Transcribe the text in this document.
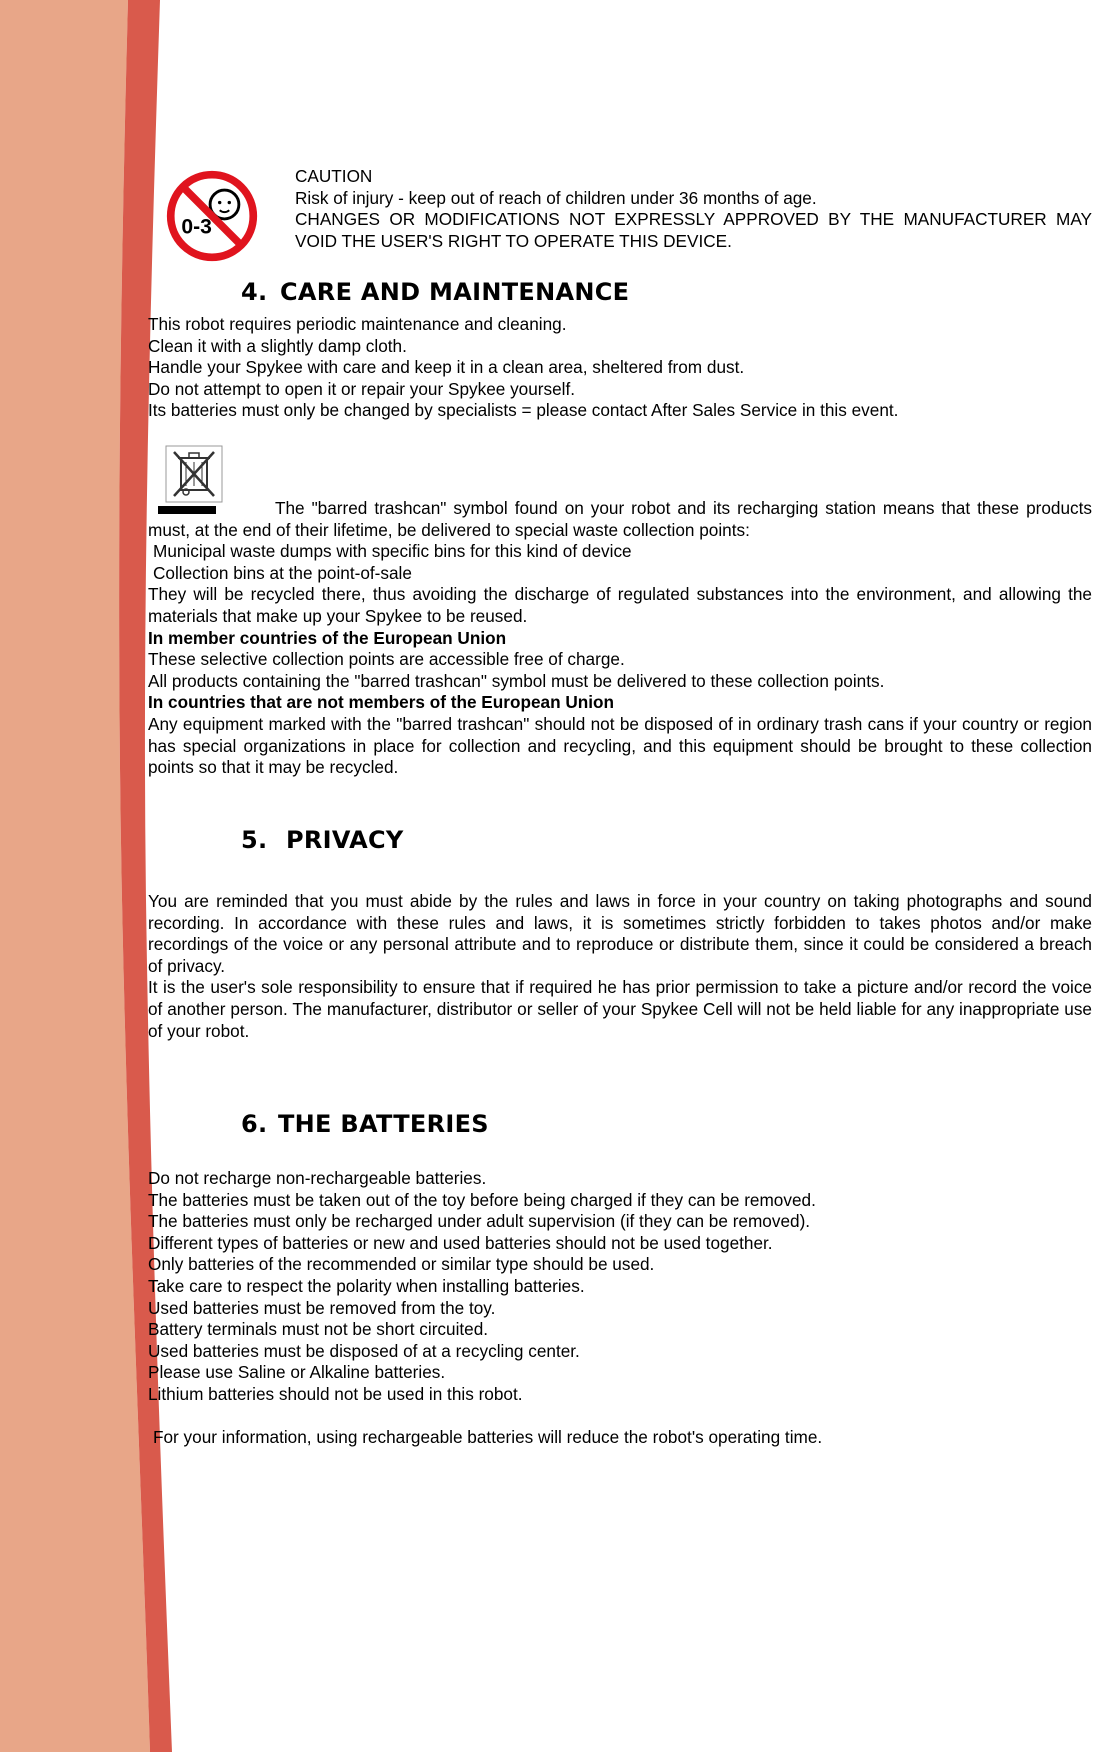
0-3
CAUTION
Risk of injury - keep out of reach of children under 36 months of age.
CHANGES OR MODIFICATIONS NOT EXPRESSLY APPROVED BY THE MANUFACTURER MAY VOID THE USER'S RIGHT TO OPERATE THIS DEVICE.
4. CARE AND MAINTENANCE
This robot requires periodic maintenance and cleaning.
Clean it with a slightly damp cloth.
Handle your Spykee with care and keep it in a clean area, sheltered from dust.
Do not attempt to open it or repair your Spykee yourself.
Its batteries must only be changed by specialists = please contact After Sales Service in this event.
The "barred trashcan" symbol found on your robot and its recharging station means that these products must, at the end of their lifetime, be delivered to special waste collection points:
Municipal waste dumps with specific bins for this kind of device
Collection bins at the point-of-sale
They will be recycled there, thus avoiding the discharge of regulated substances into the environment, and allowing the materials that make up your Spykee to be reused.
In member countries of the European Union
These selective collection points are accessible free of charge.
All products containing the "barred trashcan" symbol must be delivered to these collection points.
In countries that are not members of the European Union
Any equipment marked with the "barred trashcan" should not be disposed of in ordinary trash cans if your country or region has special organizations in place for collection and recycling, and this equipment should be brought to these collection points so that it may be recycled.
5. PRIVACY
You are reminded that you must abide by the rules and laws in force in your country on taking photographs and sound recording. In accordance with these rules and laws, it is sometimes strictly forbidden to takes photos and/or make recordings of the voice or any personal attribute and to reproduce or distribute them, since it could be considered a breach of privacy.
It is the user's sole responsibility to ensure that if required he has prior permission to take a picture and/or record the voice of another person. The manufacturer, distributor or seller of your Spykee Cell will not be held liable for any inappropriate use of your robot.
6. THE BATTERIES
Do not recharge non-rechargeable batteries.
The batteries must be taken out of the toy before being charged if they can be removed.
The batteries must only be recharged under adult supervision (if they can be removed).
Different types of batteries or new and used batteries should not be used together.
Only batteries of the recommended or similar type should be used.
Take care to respect the polarity when installing batteries.
Used batteries must be removed from the toy.
Battery terminals must not be short circuited.
Used batteries must be disposed of at a recycling center.
Please use Saline or Alkaline batteries.
Lithium batteries should not be used in this robot.
For your information, using rechargeable batteries will reduce the robot's operating time.
